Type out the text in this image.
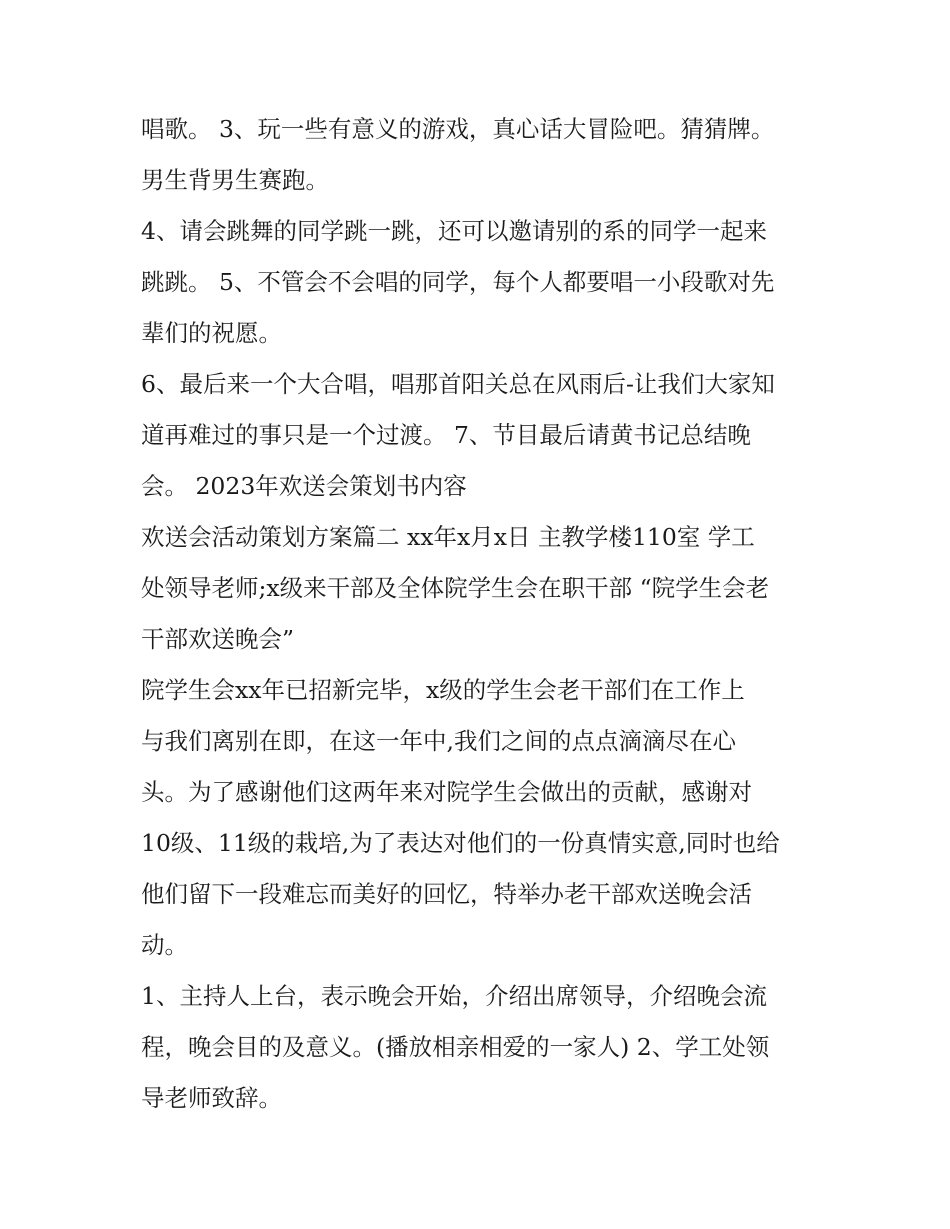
唱歌。 3、玩一些有意义的游戏，真心话大冒险吧。猜猜牌。
男生背男生赛跑。
4、请会跳舞的同学跳一跳，还可以邀请别的系的同学一起来
跳跳。 5、不管会不会唱的同学，每个人都要唱一小段歌对先
辈们的祝愿。
6、最后来一个大合唱，唱那首阳关总在风雨后-让我们大家知
道再难过的事只是一个过渡。 7、节目最后请黄书记总结晚
会。 2023年欢送会策划书内容
欢送会活动策划方案篇二 xx年x月x日 主教学楼110室 学工
处领导老师;x级来干部及全体院学生会在职干部 “院学生会老
干部欢送晚会”
院学生会xx年已招新完毕，x级的学生会老干部们在工作上
与我们离别在即，在这一年中,我们之间的点点滴滴尽在心
头。为了感谢他们这两年来对院学生会做出的贡献，感谢对
10级、11级的栽培,为了表达对他们的一份真情实意,同时也给
他们留下一段难忘而美好的回忆，特举办老干部欢送晚会活
动。
1、主持人上台，表示晚会开始，介绍出席领导，介绍晚会流
程，晚会目的及意义。(播放相亲相爱的一家人) 2、学工处领
导老师致辞。
